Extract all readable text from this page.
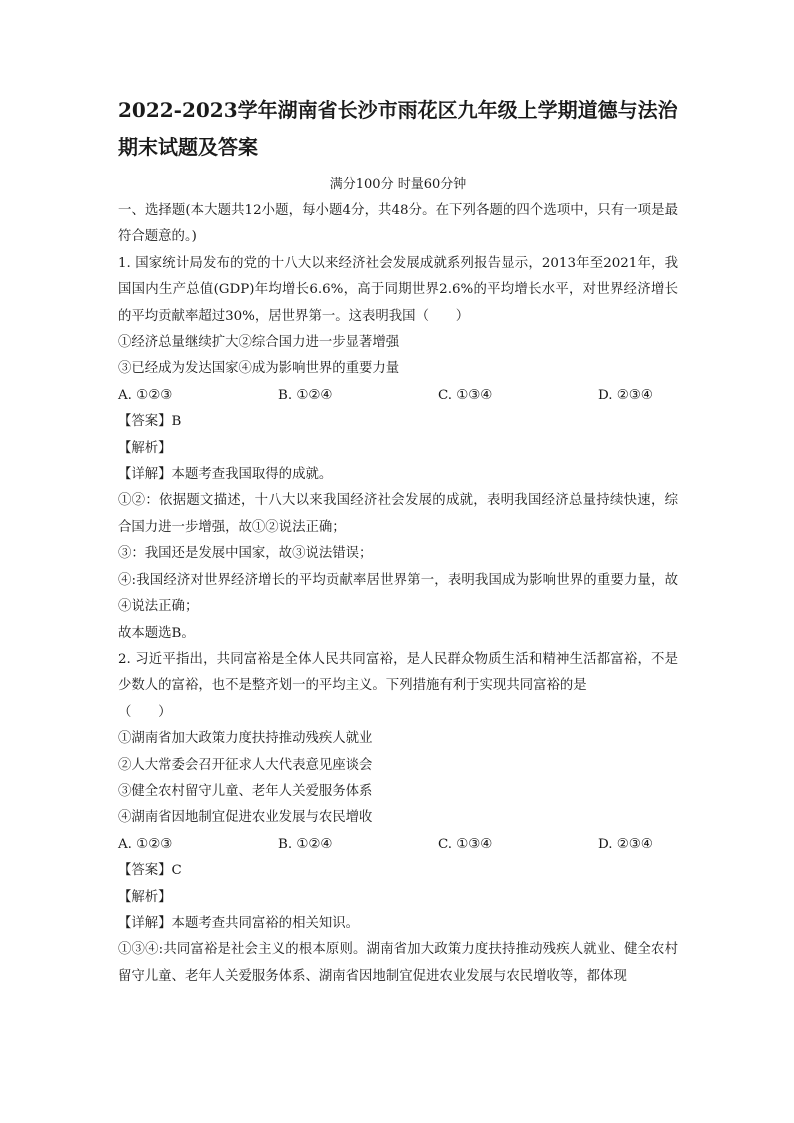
2022-2023学年湖南省长沙市雨花区九年级上学期道德与法治期末试题及答案
满分100分 时量60分钟
一、选择题(本大题共12小题，每小题4分，共48分。在下列各题的四个选项中，只有一项是最符合题意的。)
1. 国家统计局发布的党的十八大以来经济社会发展成就系列报告显示，2013年至2021年，我国国内生产总值(GDP)年均增长6.6%，高于同期世界2.6%的平均增长水平，对世界经济增长的平均贡献率超过30%，居世界第一。这表明我国（　　）
①经济总量继续扩大②综合国力进一步显著增强
③已经成为发达国家④成为影响世界的重要力量
A. ①②③	B. ①②④	C. ①③④	D. ②③④
【答案】B
【解析】
【详解】本题考查我国取得的成就。
①②：依据题文描述，十八大以来我国经济社会发展的成就，表明我国经济总量持续快速，综合国力进一步增强，故①②说法正确；
③：我国还是发展中国家，故③说法错误；
④:我国经济对世界经济增长的平均贡献率居世界第一，表明我国成为影响世界的重要力量，故④说法正确；
故本题选B。
2. 习近平指出，共同富裕是全体人民共同富裕，是人民群众物质生活和精神生活都富裕，不是少数人的富裕，也不是整齐划一的平均主义。下列措施有利于实现共同富裕的是
（　　）
①湖南省加大政策力度扶持推动残疾人就业
②人大常委会召开征求人大代表意见座谈会
③健全农村留守儿童、老年人关爱服务体系
④湖南省因地制宜促进农业发展与农民增收
A. ①②③	B. ①②④	C. ①③④	D. ②③④
【答案】C
【解析】
【详解】本题考查共同富裕的相关知识。
①③④:共同富裕是社会主义的根本原则。湖南省加大政策力度扶持推动残疾人就业、健全农村留守儿童、老年人关爱服务体系、湖南省因地制宜促进农业发展与农民增收等，都体现
